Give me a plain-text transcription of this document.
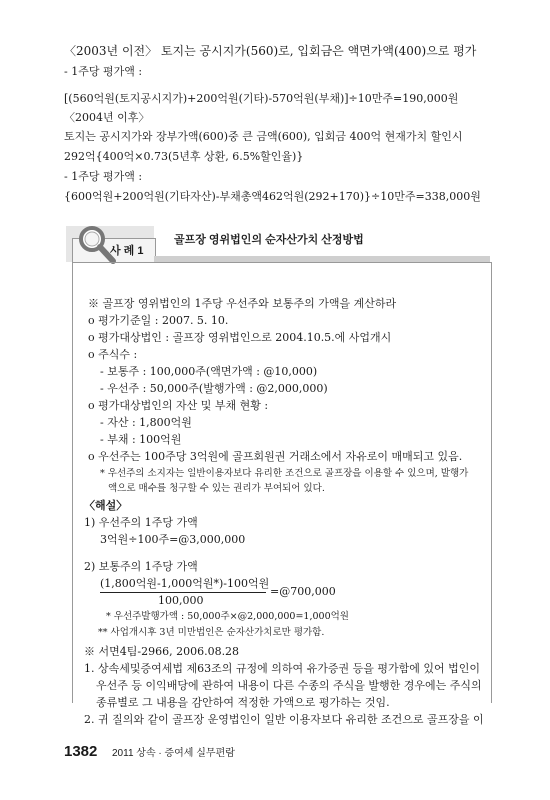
〈2003년 이전〉 토지는 공시지가(560)로, 입회금은 액면가액(400)으로 평가
- 1주당 평가액 :
[(560억원(토지공시지가)+200억원(기타)-570억원(부채)]÷10만주=190,000원
〈2004년 이후〉
토지는 공시지가와 장부가액(600)중 큰 금액(600), 입회금 400억 현재가치 할인시
292억{400억×0.73(5년후 상환, 6.5%할인율)}
- 1주당 평가액 :
{600억원+200억원(기타자산)-부채총액462억원(292+170)}÷10만주=338,000원
사 례 1
골프장 영위법인의 순자산가치 산정방법
※ 골프장 영위법인의 1주당 우선주와 보통주의 가액을 계산하라
o 평가기준일 : 2007. 5. 10.
o 평가대상법인 : 골프장 영위법인으로 2004.10.5.에 사업개시
o 주식수 :
- 보통주 : 100,000주(액면가액 : @10,000)
- 우선주 : 50,000주(발행가액 : @2,000,000)
o 평가대상법인의 자산 및 부채 현황 :
- 자산 : 1,800억원
- 부채 : 100억원
o 우선주는 100주당 3억원에 골프회원권 거래소에서 자유로이 매매되고 있음.
* 우선주의 소지자는 일반이용자보다 유리한 조건으로 골프장을 이용할 수 있으며, 발행가
액으로 매수를 청구할 수 있는 권리가 부여되어 있다.
〈해설〉
1) 우선주의 1주당 가액
3억원÷100주=@3,000,000
2) 보통주의 1주당 가액
(1,800억원-1,000억원*)-100억원
100,000
=@700,000
* 우선주발행가액 : 50,000주×@2,000,000=1,000억원
** 사업개시후 3년 미만법인은 순자산가치로만 평가함.
※ 서면4팀-2966, 2006.08.28
1. 상속세및증여세법 제63조의 규정에 의하여 유가증권 등을 평가함에 있어 법인이
우선주 등 이익배당에 관하여 내용이 다른 수종의 주식을 발행한 경우에는 주식의
종류별로 그 내용을 감안하여 적정한 가액으로 평가하는 것임.
2. 귀 질의와 같이 골프장 운영법인이 일반 이용자보다 유리한 조건으로 골프장을 이
1382 2011 상속 · 증여세 실무편람
